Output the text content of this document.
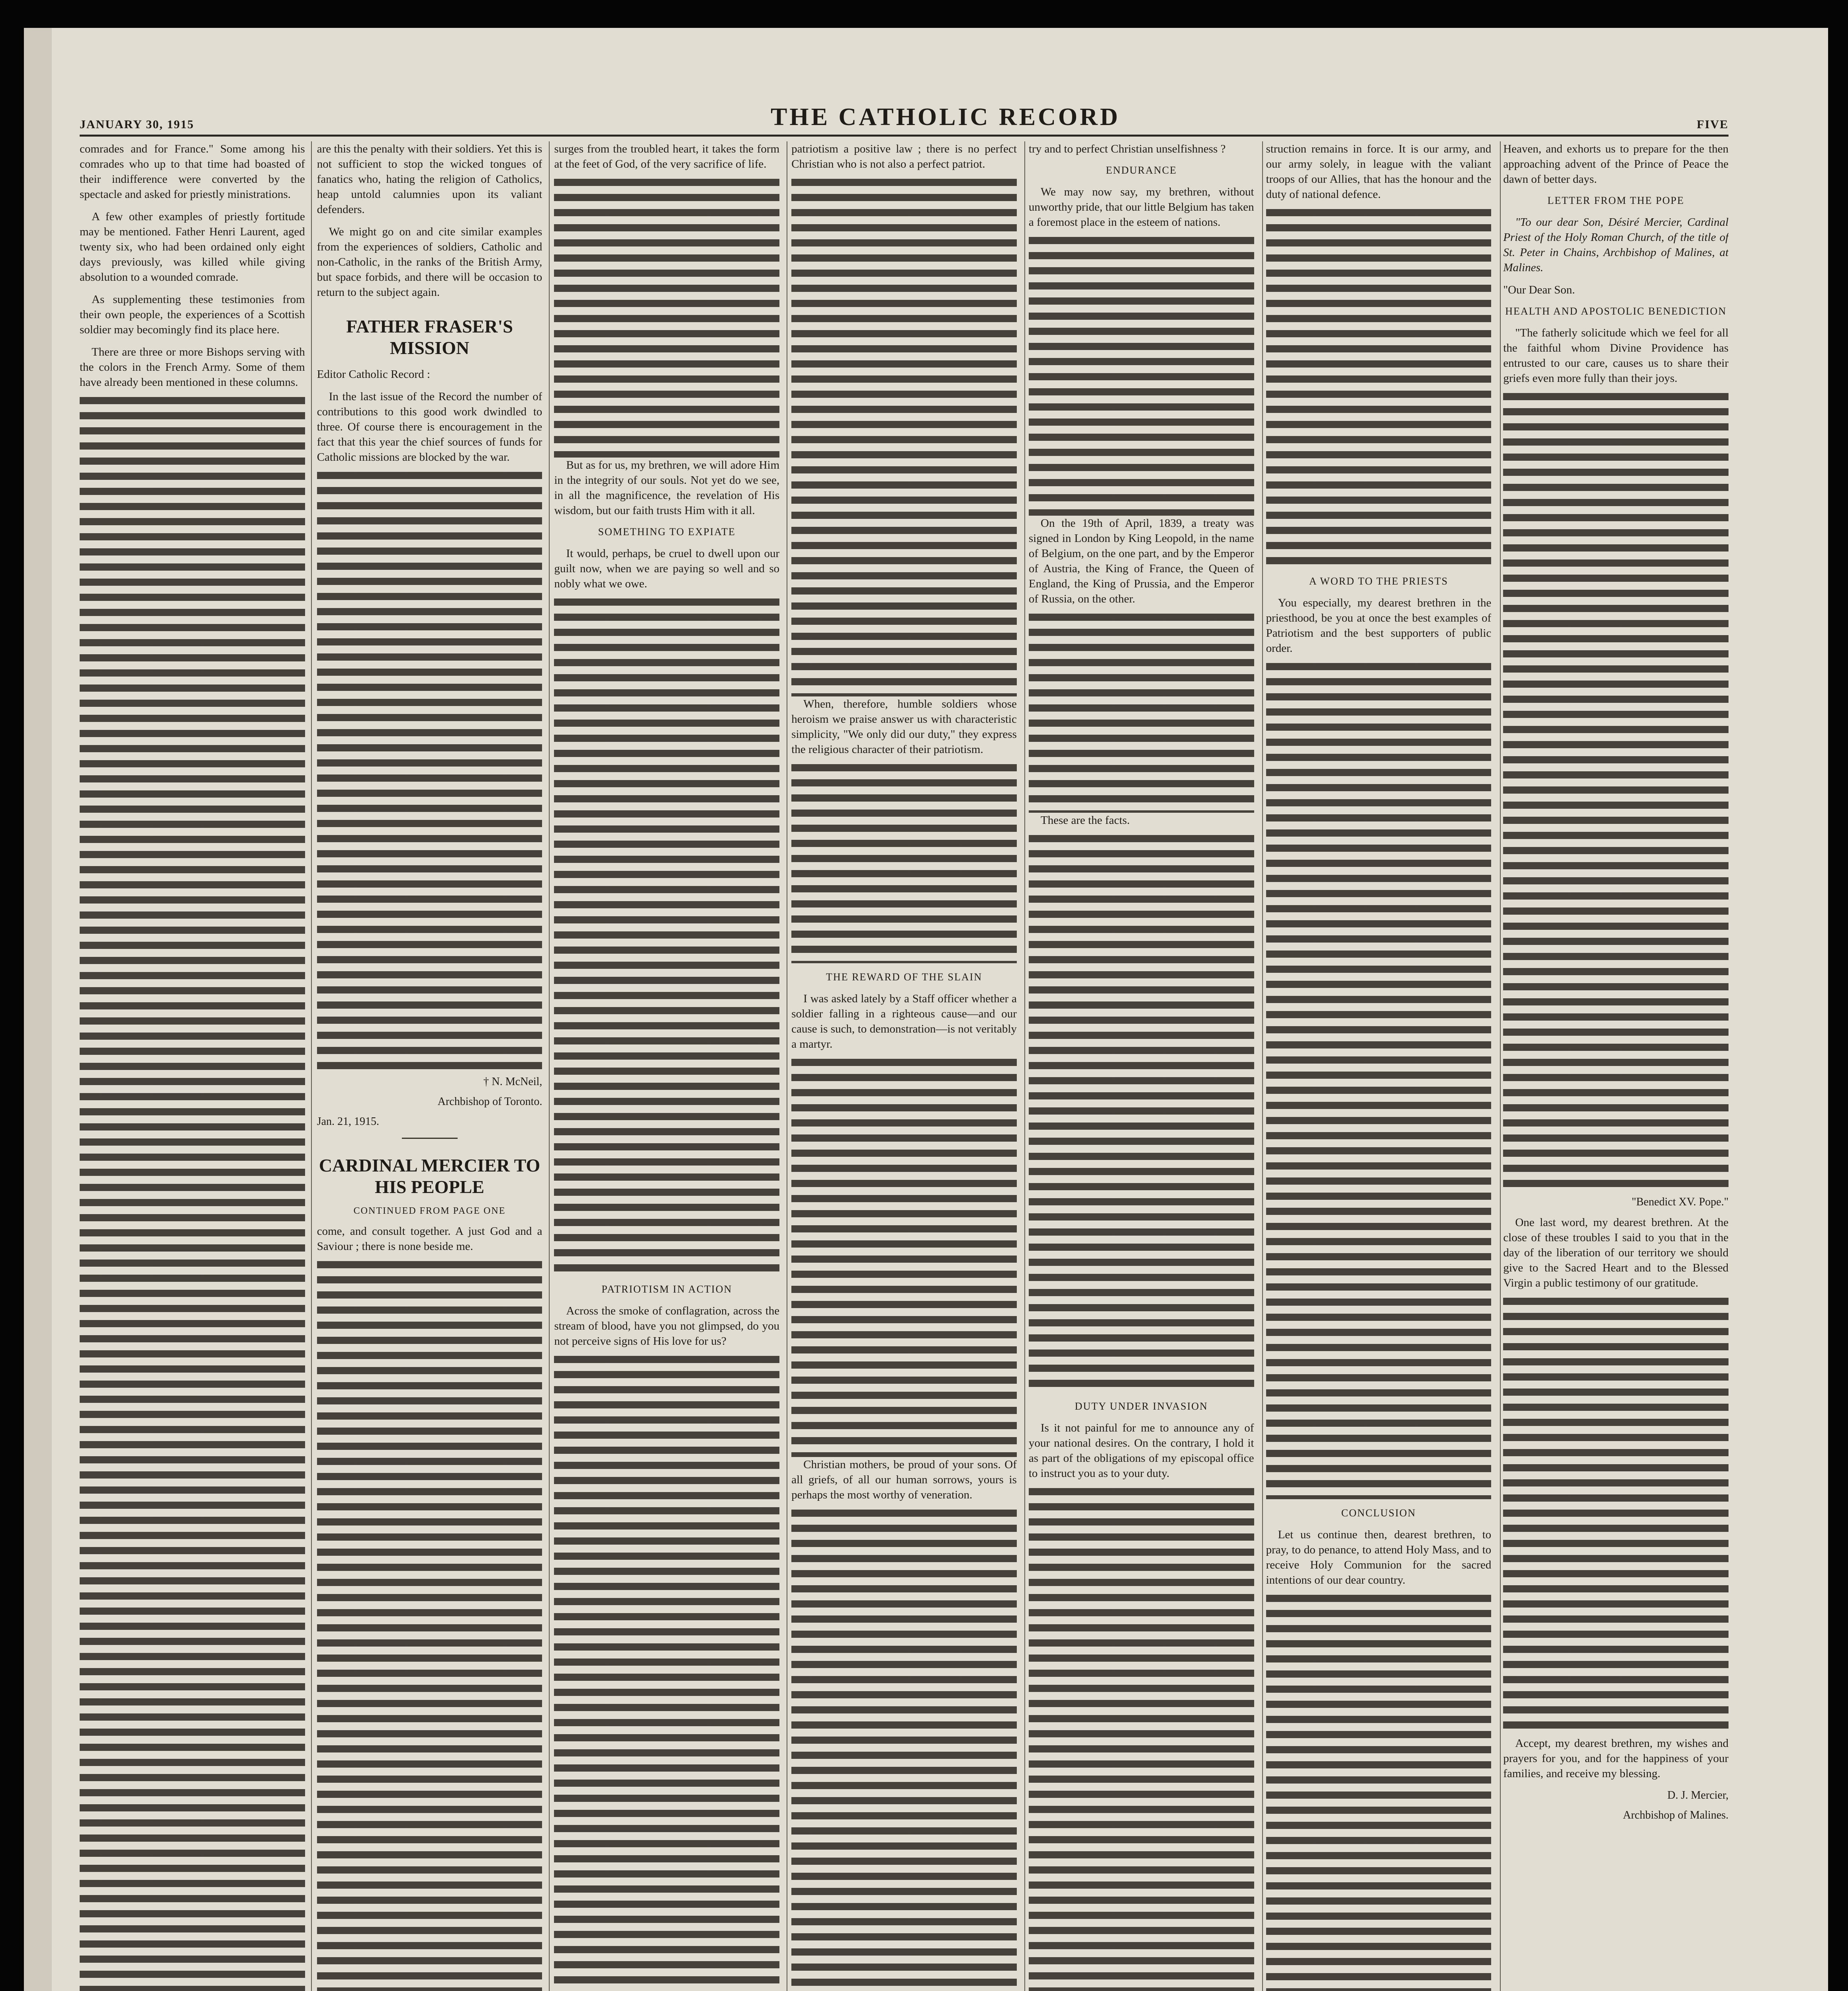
JANUARY 30, 1915	THE CATHOLIC RECORD	FIVE

comrades and for France." Some among his comrades who up to that time had boasted of their indifference were converted by the spectacle and asked for priestly ministrations.

A few other examples of priestly fortitude may be mentioned. Father Henri Laurent, aged twenty six, who had been ordained only eight days previously, was killed while giving absolution to a wounded comrade.

As supplementing these testimonies from their own people, the experiences of a Scottish soldier may becomingly find its place here.

There are three or more Bishops serving with the colors in the French Army. Some of them have already been mentioned in these columns.

are this the penalty with their soldiers. Yet this is not sufficient to stop the wicked tongues of fanatics who, hating the religion of Catholics, heap untold calumnies upon its valiant defenders.

We might go on and cite similar examples from the experiences of soldiers, Catholic and non-Catholic, in the ranks of the British Army, but space forbids, and there will be occasion to return to the subject again.

FATHER FRASER'S MISSION

Editor Catholic Record :

In the last issue of the Record the number of contributions to this good work dwindled to three. Of course there is encouragement in the fact that this year the chief sources of funds for Catholic missions are blocked by the war.

† N. McNeil,
Archbishop of Toronto.
Jan. 21, 1915.
CARDINAL MERCIER TO HIS PEOPLE
CONTINUED FROM PAGE ONE

come, and consult together. A just God and a Saviour ; there is none beside me.

surges from the troubled heart, it takes the form at the feet of God, of the very sacrifice of life.

But as for us, my brethren, we will adore Him in the integrity of our souls. Not yet do we see, in all the magnificence, the revelation of His wisdom, but our faith trusts Him with it all.

SOMETHING TO EXPIATE

It would, perhaps, be cruel to dwell upon our guilt now, when we are paying so well and so nobly what we owe.

PATRIOTISM IN ACTION

Across the smoke of conflagration, across the stream of blood, have you not glimpsed, do you not perceive signs of His love for us?

patriotism a positive law ; there is no perfect Christian who is not also a perfect patriot.

When, therefore, humble soldiers whose heroism we praise answer us with characteristic simplicity, "We only did our duty," they express the religious character of their patriotism.

THE REWARD OF THE SLAIN

I was asked lately by a Staff officer whether a soldier falling in a righteous cause—and our cause is such, to demonstration—is not veritably a martyr.

Christian mothers, be proud of your sons. Of all griefs, of all our human sorrows, yours is perhaps the most worthy of veneration.

try and to perfect Christian unselfishness ?

ENDURANCE

We may now say, my brethren, without unworthy pride, that our little Belgium has taken a foremost place in the esteem of nations.

On the 19th of April, 1839, a treaty was signed in London by King Leopold, in the name of Belgium, on the one part, and by the Emperor of Austria, the King of France, the Queen of England, the King of Prussia, and the Emperor of Russia, on the other.

These are the facts.

DUTY UNDER INVASION

Is it not painful for me to announce any of your national desires. On the contrary, I hold it as part of the obligations of my episcopal office to instruct you as to your duty.

struction remains in force. It is our army, and our army solely, in league with the valiant troops of our Allies, that has the honour and the duty of national defence.

A WORD TO THE PRIESTS

You especially, my dearest brethren in the priesthood, be you at once the best examples of Patriotism and the best supporters of public order.

CONCLUSION

Let us continue then, dearest brethren, to pray, to do penance, to attend Holy Mass, and to receive Holy Communion for the sacred intentions of our dear country.

Heaven, and exhorts us to prepare for the then approaching advent of the Prince of Peace the dawn of better days.

LETTER FROM THE POPE

"To our dear Son, Désiré Mercier, Cardinal Priest of the Holy Roman Church, of the title of St. Peter in Chains, Archbishop of Malines, at Malines.

"Our Dear Son.

HEALTH AND APOSTOLIC BENEDICTION

"The fatherly solicitude which we feel for all the faithful whom Divine Providence has entrusted to our care, causes us to share their griefs even more fully than their joys.

"Benedict XV. Pope."

One last word, my dearest brethren. At the close of these troubles I said to you that in the day of the liberation of our territory we should give to the Sacred Heart and to the Blessed Virgin a public testimony of our gratitude.

Accept, my dearest brethren, my wishes and prayers for you, and for the happiness of your families, and receive my blessing.

D. J. Mercier,
Archbishop of Malines.
